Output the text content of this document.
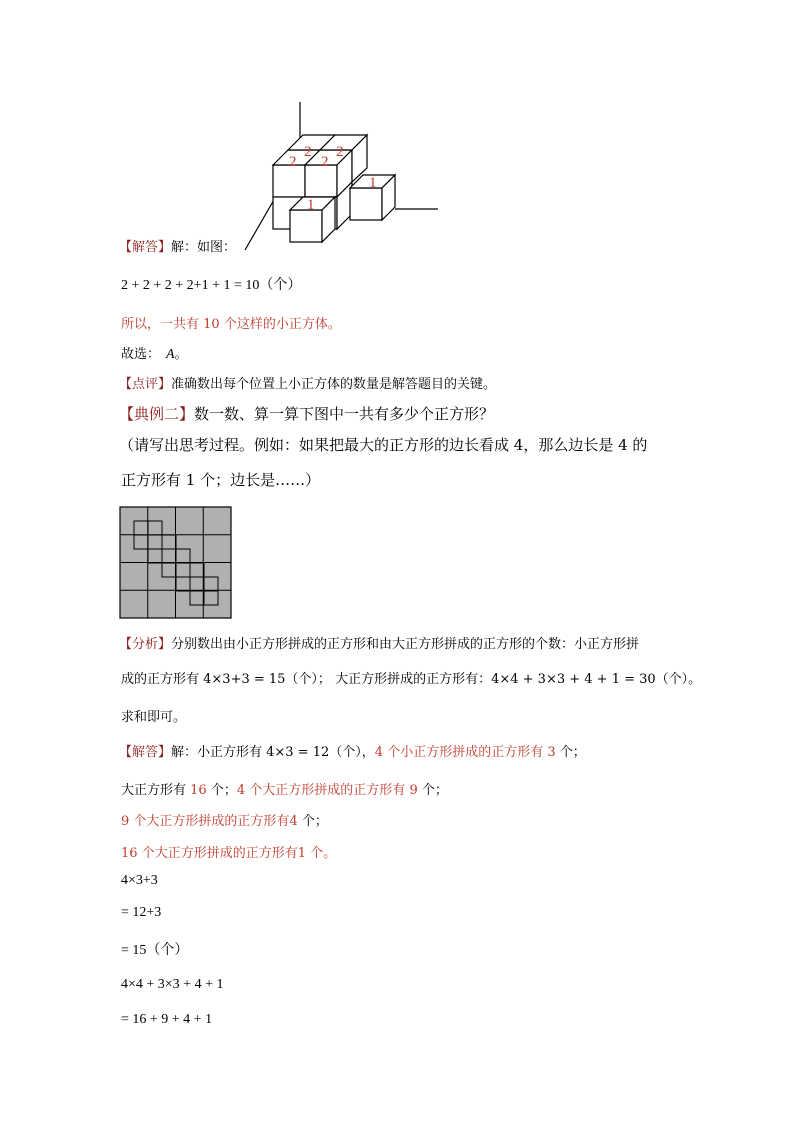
2 2
2 2
1
1
【解答】解：如图：
2 + 2 + 2 + 2+1 + 1 = 10（个）
所以，一共有 10 个这样的小正方体。
故选： A。
【点评】准确数出每个位置上小正方体的数量是解答题目的关键。
【典例二】数一数、算一算下图中一共有多少个正方形？
（请写出思考过程。例如：如果把最大的正方形的边长看成 4，那么边长是 4 的
正方形有 1 个；边长是……）
【分析】分别数出由小正方形拼成的正方形和由大正方形拼成的正方形的个数：小正方形拼
成的正方形有 4×3+3 = 15（个）； 大正方形拼成的正方形有：4×4 + 3×3 + 4 + 1 = 30（个）。
求和即可。
【解答】解：小正方形有 4×3 = 12（个），4 个小正方形拼成的正方形有 3 个；
大正方形有 16 个；4 个大正方形拼成的正方形有 9 个；
9 个大正方形拼成的正方形有4 个；
16 个大正方形拼成的正方形有1 个。
4×3+3
= 12+3
= 15（个）
4×4 + 3×3 + 4 + 1
= 16 + 9 + 4 + 1
